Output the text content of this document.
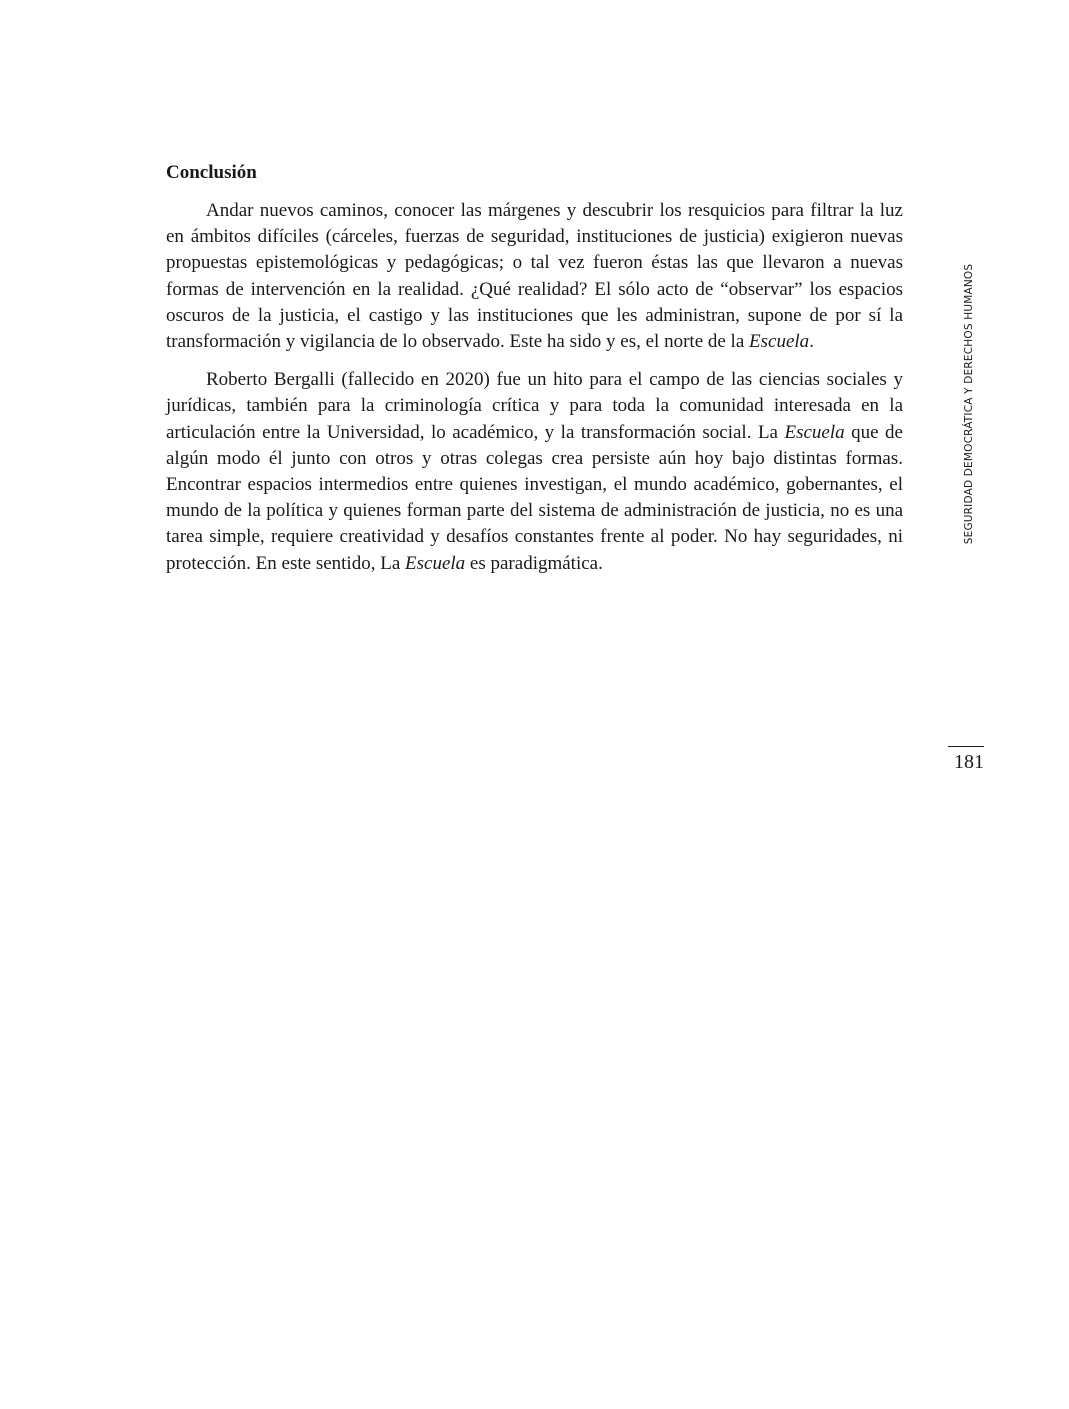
Conclusión

Andar nuevos caminos, conocer las márgenes y descubrir los resquicios para filtrar la luz en ámbitos difíciles (cárceles, fuerzas de seguridad, instituciones de justicia) exigieron nuevas propuestas epistemológicas y pedagógicas; o tal vez fueron éstas las que llevaron a nuevas formas de intervención en la realidad. ¿Qué realidad? El sólo acto de “observar” los espacios oscuros de la justicia, el castigo y las instituciones que les administran, supone de por sí la transformación y vigilancia de lo observado. Este ha sido y es, el norte de la Escuela.

Roberto Bergalli (fallecido en 2020) fue un hito para el campo de las ciencias sociales y jurídicas, también para la criminología crítica y para toda la comunidad interesada en la articulación entre la Universidad, lo académico, y la transformación social. La Escuela que de algún modo él junto con otros y otras colegas crea persiste aún hoy bajo distintas formas. Encontrar espacios intermedios entre quienes investigan, el mundo académico, gobernantes, el mundo de la política y quienes forman parte del sistema de administración de justicia, no es una tarea simple, requiere creatividad y desafíos constantes frente al poder. No hay seguridades, ni protección. En este sentido, La Escuela es paradigmática.

SEGURIDAD DEMOCRÁTICA Y DERECHOS HUMANOS
181
